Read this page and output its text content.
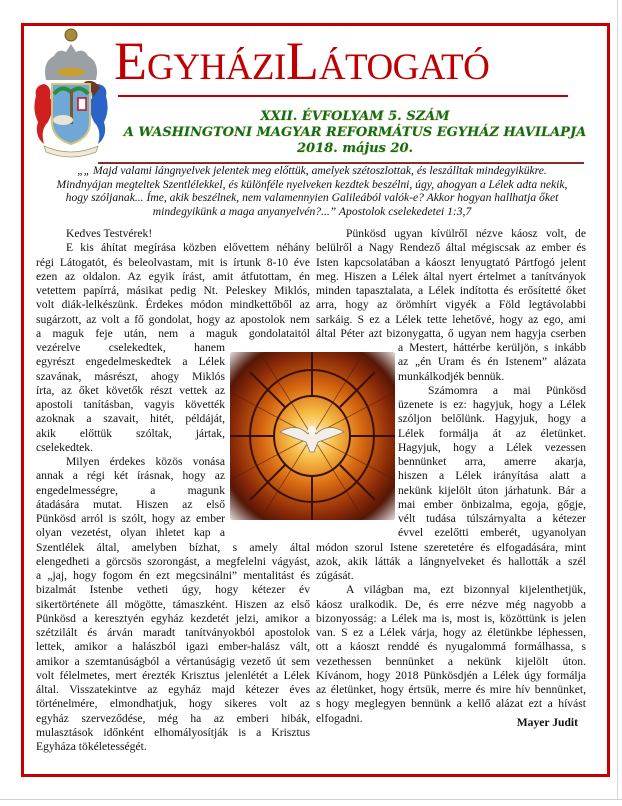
EGYHÁZILÁTOGATÓ
XXII. ÉVFOLYAM 5. SZÁM
A WASHINGTONI MAGYAR REFORMÁTUS EGYHÁZ HAVILAPJA
2018. május 20.
„„ Majd valami lángnyelvek jelentek meg előttük, amelyek szétoszlottak, és leszálltak mindegyikükre.
Mindnyájan megteltek Szentlélekkel, és különféle nyelveken kezdtek beszélni, úgy, ahogyan a Lélek adta nekik,
hogy szóljanak... Íme, akik beszélnek, nem valamennyien Galileából valók-e? Akkor hogyan hallhatja őket
mindegyikünk a maga anyanyelvén?...” Apostolok cselekedetei 1:3,7
Kedves Testvérek!
E kis áhítat megírása közben elővettem néhány
régi Látogatót, és beleolvastam, mit is írtunk 8-10 éve
ezen az oldalon. Az egyik írást, amit átfutottam, én
vetettem papírrá, másikat pedig Nt. Peleskey Miklós,
volt diák-lelkészünk. Érdekes módon mindkettőből az
sugárzott, az volt a fő gondolat, hogy az apostolok nem
a maguk feje után, nem a maguk gondolataitól
vezérelve cselekedtek, hanem
egyrészt engedelmeskedtek a Lélek
szavának, másrészt, ahogy Miklós
írta, az őket követők részt vettek az
apostoli tanításban, vagyis követték
azoknak a szavait, hitét, példáját,
akik előttük szóltak, jártak,
cselekedtek.
Milyen érdekes közös vonása
annak a régi két írásnak, hogy az
engedelmességre, a magunk
átadására mutat. Hiszen az első
Pünkösd arról is szólt, hogy az ember
olyan vezetést, olyan ihletet kap a
Szentlélek által, amelyben bízhat, s amely által
elengedheti a görcsös szorongást, a megfelelni vágyást,
a „jaj, hogy fogom én ezt megcsinálni” mentalitást és
bizalmát Istenbe vetheti úgy, hogy kétezer év
sikertörténete áll mögötte, támaszként. Hiszen az első
Pünkösd a keresztyén egyház kezdetét jelzi, amikor a
szétzilált és árván maradt tanítványokból apostolok
lettek, amikor a halászból igazi ember-halász vált,
amikor a szemtanúságból a vértanúságig vezető út sem
volt félelmetes, mert érezték Krisztus jelenlétét a Lélek
által. Visszatekintve az egyház majd kétezer éves
történelmére, elmondhatjuk, hogy sikeres volt az
egyház szerveződése, még ha az emberi hibák,
mulasztások időnként elhomályosítják is a Krisztus
Egyháza tökéletességét.
Pünkösd ugyan kívülről nézve káosz volt, de
belülről a Nagy Rendező által mégiscsak az ember és
Isten kapcsolatában a káoszt lenyugtató Pártfogó jelent
meg. Hiszen a Lélek által nyert értelmet a tanítványok
minden tapasztalata, a Lélek indította és erősítetté őket
arra, hogy az örömhírt vigyék a Föld legtávolabbi
sarkáig. S ez a Lélek tette lehetővé, hogy az ego, ami
által Péter azt bizonygatta, ő ugyan nem hagyja cserben
a Mestert, háttérbe kerüljön, s inkább
az „én Uram és én Istenem” alázata
munkálkodjék bennük.
Számomra a mai Pünkösd
üzenete is ez: hagyjuk, hogy a Lélek
szóljon belőlünk. Hagyjuk, hogy a
Lélek formálja át az életünket.
Hagyjuk, hogy a Lélek vezessen
bennünket arra, amerre akarja,
hiszen a Lélek irányítása alatt a
nekünk kijelölt úton járhatunk. Bár a
mai ember önbizalma, egoja, gőgje,
vélt tudása túlszárnyalta a kétezer
évvel ezelőtti emberét, ugyanolyan
módon szorul Istene szeretetére és elfogadására, mint
azok, akik látták a lángnyelveket és hallották a szél
zúgását.
A világban ma, ezt bizonnyal kijelenthetjük,
káosz uralkodik. De, és erre nézve még nagyobb a
bizonyosság: a Lélek ma is, most is, közöttünk is jelen
van. S ez a Lélek várja, hogy az életünkbe léphessen,
ott a káoszt renddé és nyugalommá formálhassa, s
vezethessen bennünket a nekünk kijelölt úton.
Kívánom, hogy 2018 Pünkösdjén a Lélek úgy formálja
az életünket, hogy értsük, merre és mire hív bennünket,
s hogy meglegyen bennünk a kellő alázat ezt a hívást
elfogadni.	Mayer Judit
